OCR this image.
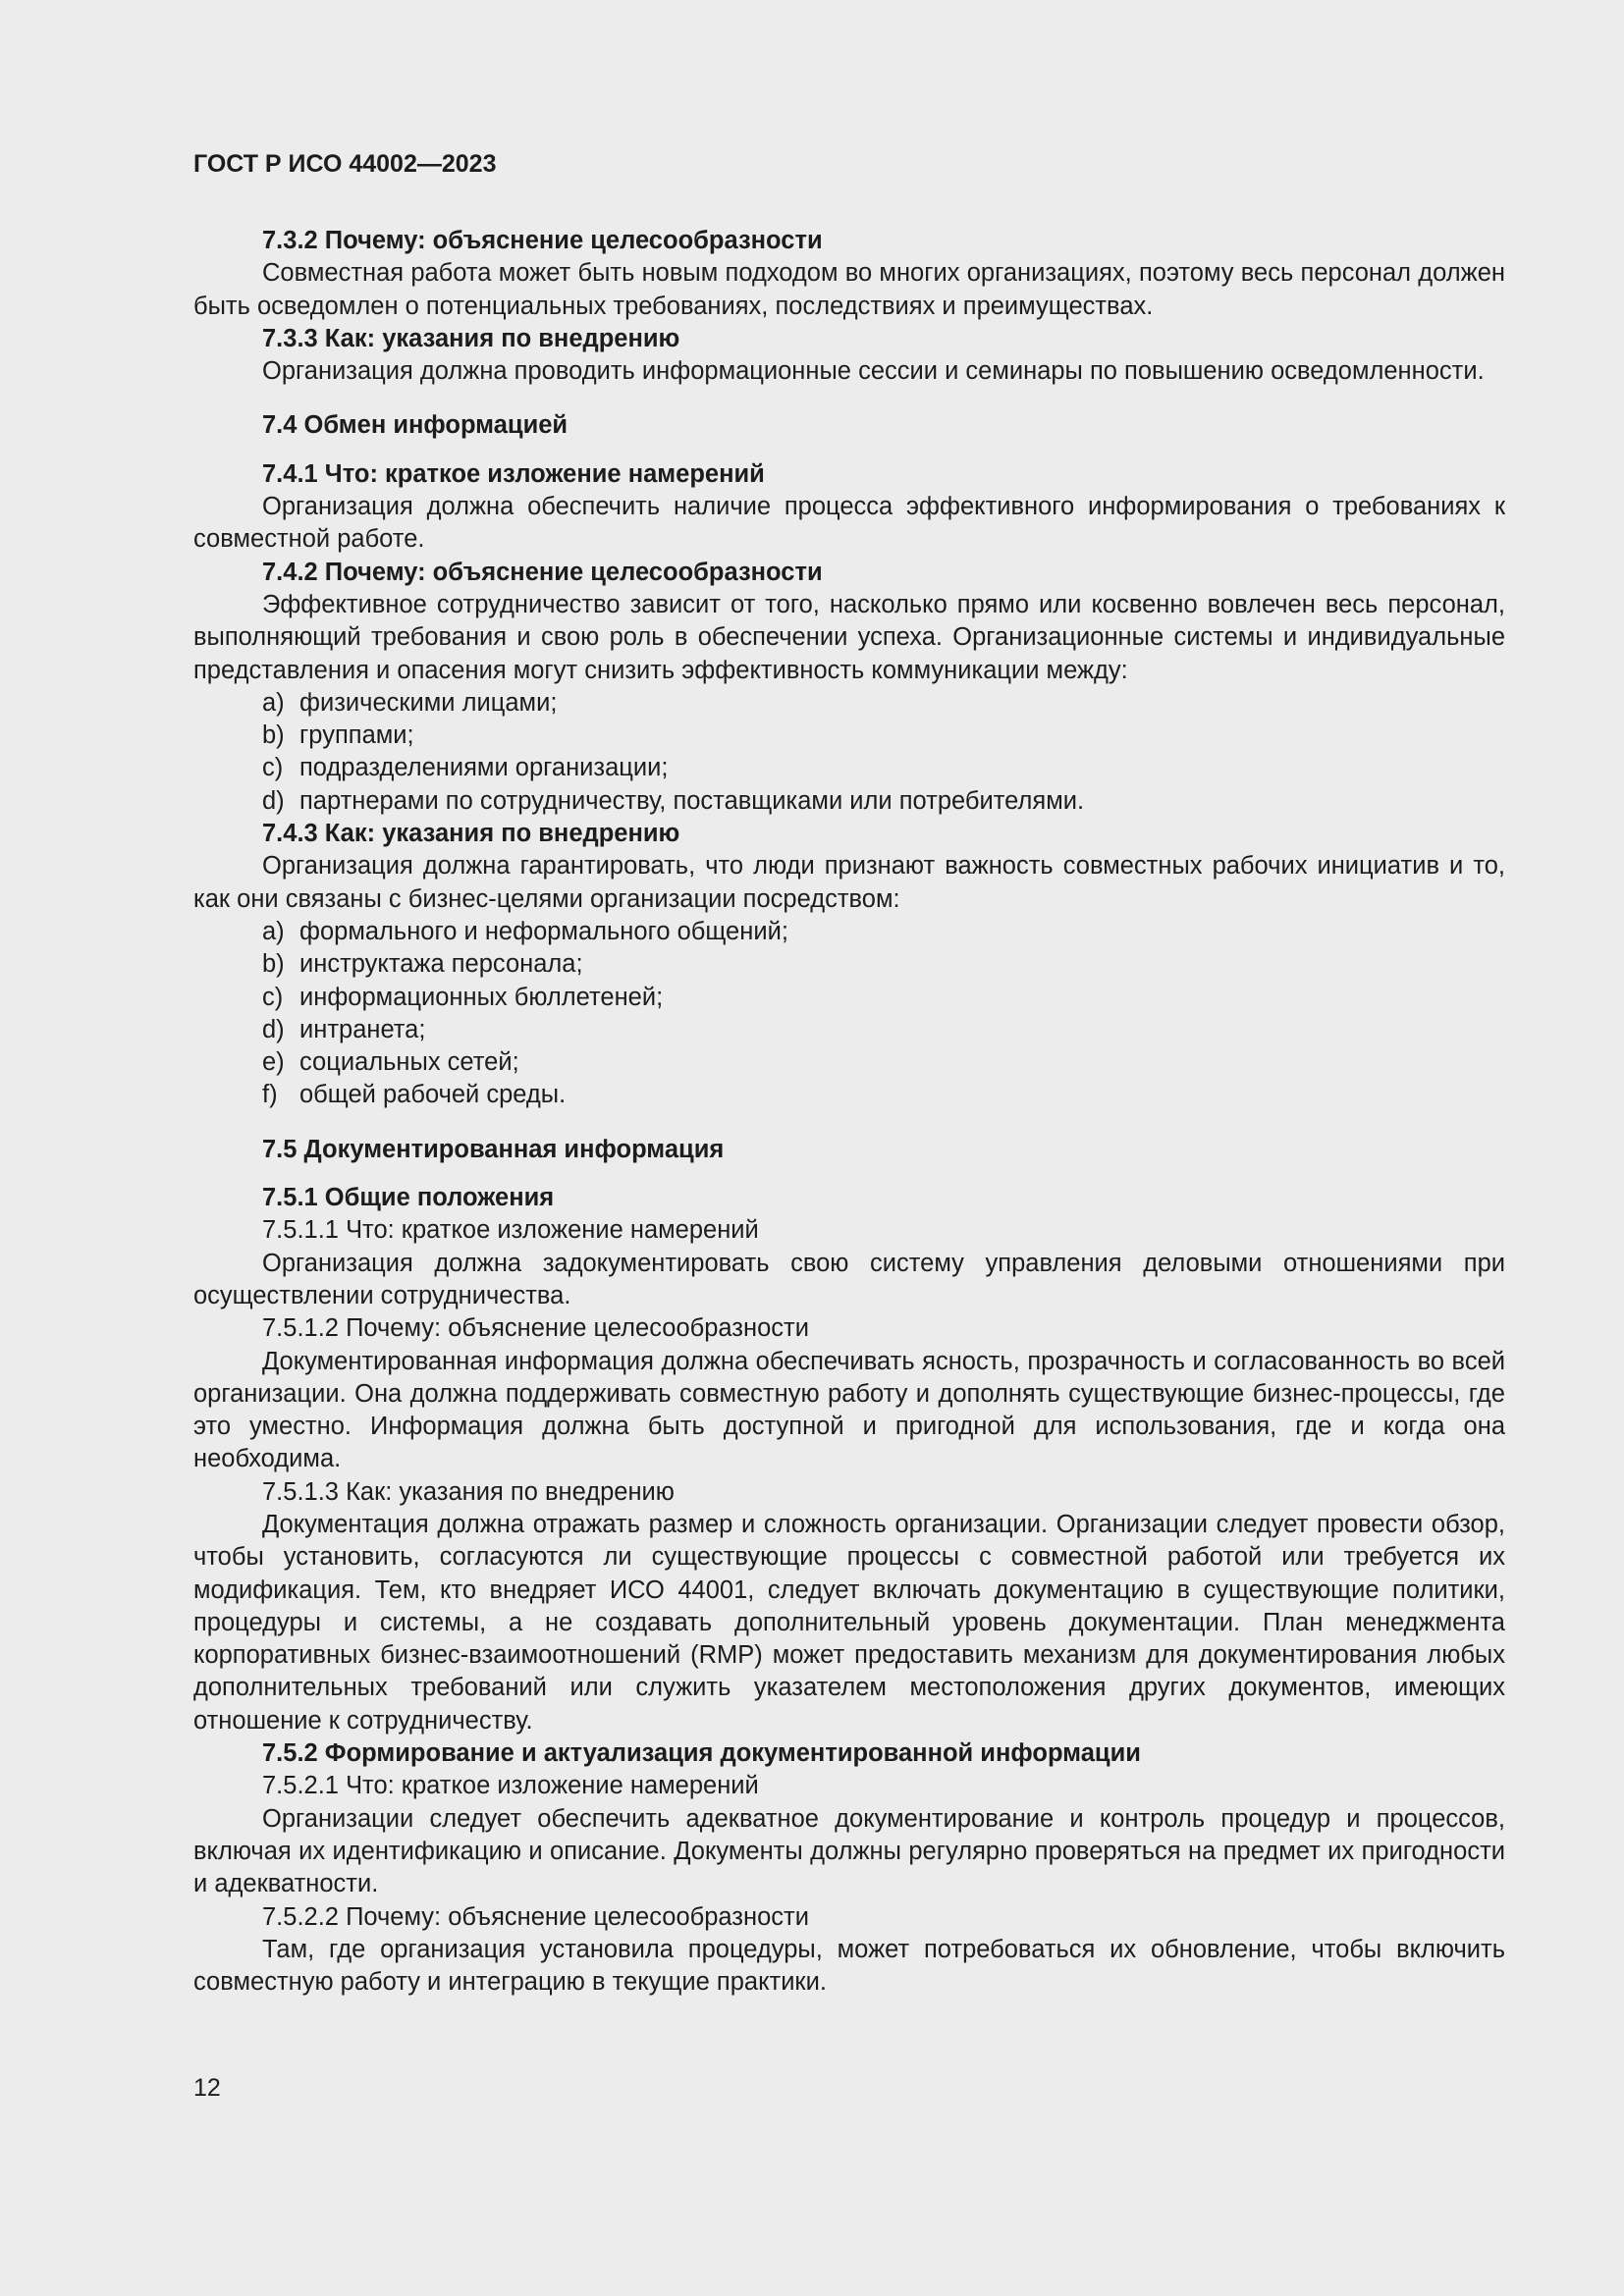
ГОСТ Р ИСО 44002—2023

7.3.2 Почему: объяснение целесообразности

Совместная работа может быть новым подходом во многих организациях, поэтому весь персонал должен быть осведомлен о потенциальных требованиях, последствиях и преимуществах.

7.3.3 Как: указания по внедрению

Организация должна проводить информационные сессии и семинары по повышению осведомленности.

7.4 Обмен информацией

7.4.1 Что: краткое изложение намерений

Организация должна обеспечить наличие процесса эффективного информирования о требованиях к совместной работе.

7.4.2 Почему: объяснение целесообразности

Эффективное сотрудничество зависит от того, насколько прямо или косвенно вовлечен весь персонал, выполняющий требования и свою роль в обеспечении успеха. Организационные системы и индивидуальные представления и опасения могут снизить эффективность коммуникации между:

a) физическими лицами;

b) группами;

c) подразделениями организации;

d) партнерами по сотрудничеству, поставщиками или потребителями.

7.4.3 Как: указания по внедрению

Организация должна гарантировать, что люди признают важность совместных рабочих инициатив и то, как они связаны с бизнес-целями организации посредством:

a) формального и неформального общений;

b) инструктажа персонала;

c) информационных бюллетеней;

d) интранета;

e) социальных сетей;

f) общей рабочей среды.

7.5 Документированная информация

7.5.1 Общие положения

7.5.1.1 Что: краткое изложение намерений

Организация должна задокументировать свою систему управления деловыми отношениями при осуществлении сотрудничества.

7.5.1.2 Почему: объяснение целесообразности

Документированная информация должна обеспечивать ясность, прозрачность и согласованность во всей организации. Она должна поддерживать совместную работу и дополнять существующие бизнес-процессы, где это уместно. Информация должна быть доступной и пригодной для использования, где и когда она необходима.

7.5.1.3 Как: указания по внедрению

Документация должна отражать размер и сложность организации. Организации следует провести обзор, чтобы установить, согласуются ли существующие процессы с совместной работой или требуется их модификация. Тем, кто внедряет ИСО 44001, следует включать документацию в существующие политики, процедуры и системы, а не создавать дополнительный уровень документации. План менеджмента корпоративных бизнес-взаимоотношений (RMP) может предоставить механизм для документирования любых дополнительных требований или служить указателем местоположения других документов, имеющих отношение к сотрудничеству.

7.5.2 Формирование и актуализация документированной информации

7.5.2.1 Что: краткое изложение намерений

Организации следует обеспечить адекватное документирование и контроль процедур и процессов, включая их идентификацию и описание. Документы должны регулярно проверяться на предмет их пригодности и адекватности.

7.5.2.2 Почему: объяснение целесообразности

Там, где организация установила процедуры, может потребоваться их обновление, чтобы включить совместную работу и интеграцию в текущие практики.

12
